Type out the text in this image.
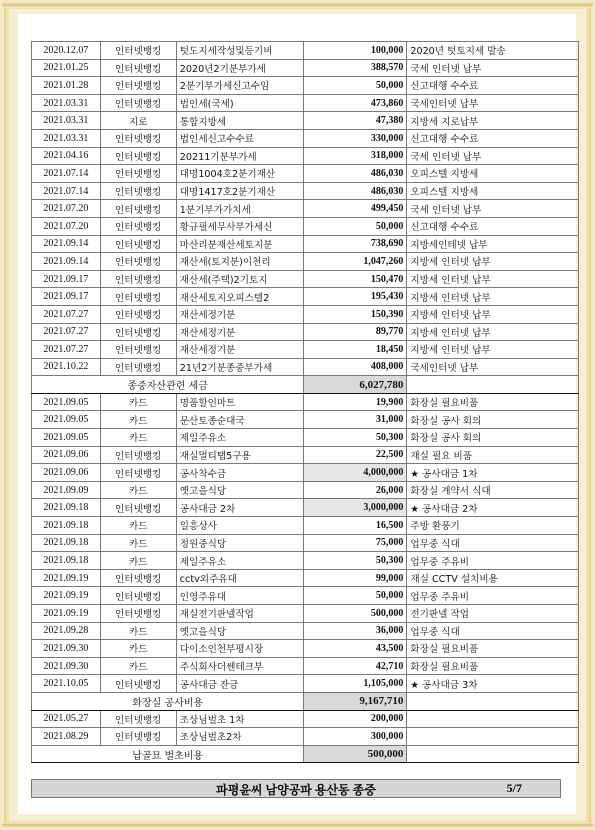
2020.12.07	인터넷뱅킹	텃도지세작성및등기비	100,000	2020년 텃토지세 발송
2021.01.25	인터넷뱅킹	2020년2기분부가세	388,570	국세 인터넷 납부
2021.01.28	인터넷뱅킹	2분기부가세신고수임	50,000	신고대행 수수료
2021.03.31	인터넷뱅킹	법인세(국세)	473,860	국세인터넷 납부
2021.03.31	지로	통합지방세	47,380	지방세 지로납부
2021.03.31	인터넷뱅킹	법인세신고수수료	330,000	신고대행 수수료
2021.04.16	인터넷뱅킹	20211기분부가세	318,000	국세 인터넷 납부
2021.07.14	인터넷뱅킹	대명1004호2분기재산	486,030	오피스텔 지방세
2021.07.14	인터넷뱅킹	대명1417호2분기재산	486,030	오피스텔 지방세
2021.07.20	인터넷뱅킹	1분기부가가치세	499,450	국세 인터넷 납부
2021.07.20	인터넷뱅킹	황규필세무사부가세신	50,000	신고대행 수수료
2021.09.14	인터넷뱅킹	마산리분재산세토지분	738,690	지방세인테넷 납부
2021.09.14	인터넷뱅킹	재산세(토지분)이천리	1,047,260	지방세 인터넷 납부
2021.09.17	인터넷뱅킹	재산세(주택)2기토지	150,470	지방세 인터넷 납부
2021.09.17	인터넷뱅킹	재산세토지오피스텔2	195,430	지방세 인터넷 납부
2021.07.27	인터넷뱅킹	재산세정기분	150,390	지방세 인터넷 납부
2021.07.27	인터넷뱅킹	재산세정기분	89,770	지방세 인터넷 납부
2021.07.27	인터넷뱅킹	재산세정기분	18,450	지방세 인터넷 납부
2021.10.22	인터넷뱅킹	21년2기분종중부가세	408,000	국세인터넷 납부
종중자산관련 세금			6,027,780	
2021.09.05	카드	명품할인마트	19,900	화장실 필요비품
2021.09.05	카드	문산토종순대국	31,000	화장실 공사 회의
2021.09.05	카드	제일주유소	50,300	화장실 공사 회의
2021.09.06	인터넷뱅킹	재실멀티탭5구용	22,500	재실 필요 비품
2021.09.06	인터넷뱅킹	공사착수금	4,000,000	★ 공사대금 1차
2021.09.09	카드	옛고을식당	26,000	화장실 계약서 식대
2021.09.18	인터넷뱅킹	공사대금 2차	3,000,000	★ 공사대금 2차
2021.09.18	카드	일흥상사	16,500	주방 환풍기
2021.09.18	카드	정원중식당	75,000	업무중 식대
2021.09.18	카드	제일주유소	50,300	업무중 주유비
2021.09.19	인터넷뱅킹	cctv외주유대	99,000	재실 CCTV 설치비용
2021.09.19	인터넷뱅킹	인영주유대	50,000	업무중 주유비
2021.09.19	인터넷뱅킹	재실전기판넬작업	500,000	전기판넬 작업
2021.09.28	카드	옛고을식당	36,000	업무중 식대
2021.09.30	카드	다이소인천부평시장	43,500	화장실 필요비품
2021.09.30	카드	주식회사더쎈테크부	42,710	화장실 필요비품
2021.10.05	인터넷뱅킹	공사대금 잔금	1,105,000	★ 공사대금 3차
화장실 공사비용			9,167,710	
2021.05.27	인터넷뱅킹	조상님벌초 1차	200,000	
2021.08.29	인터넷뱅킹	조상님벌초2차	300,000	
납골묘 벌초비용			500,000	
파평윤씨 남양공파 용산동 종중	5/7
